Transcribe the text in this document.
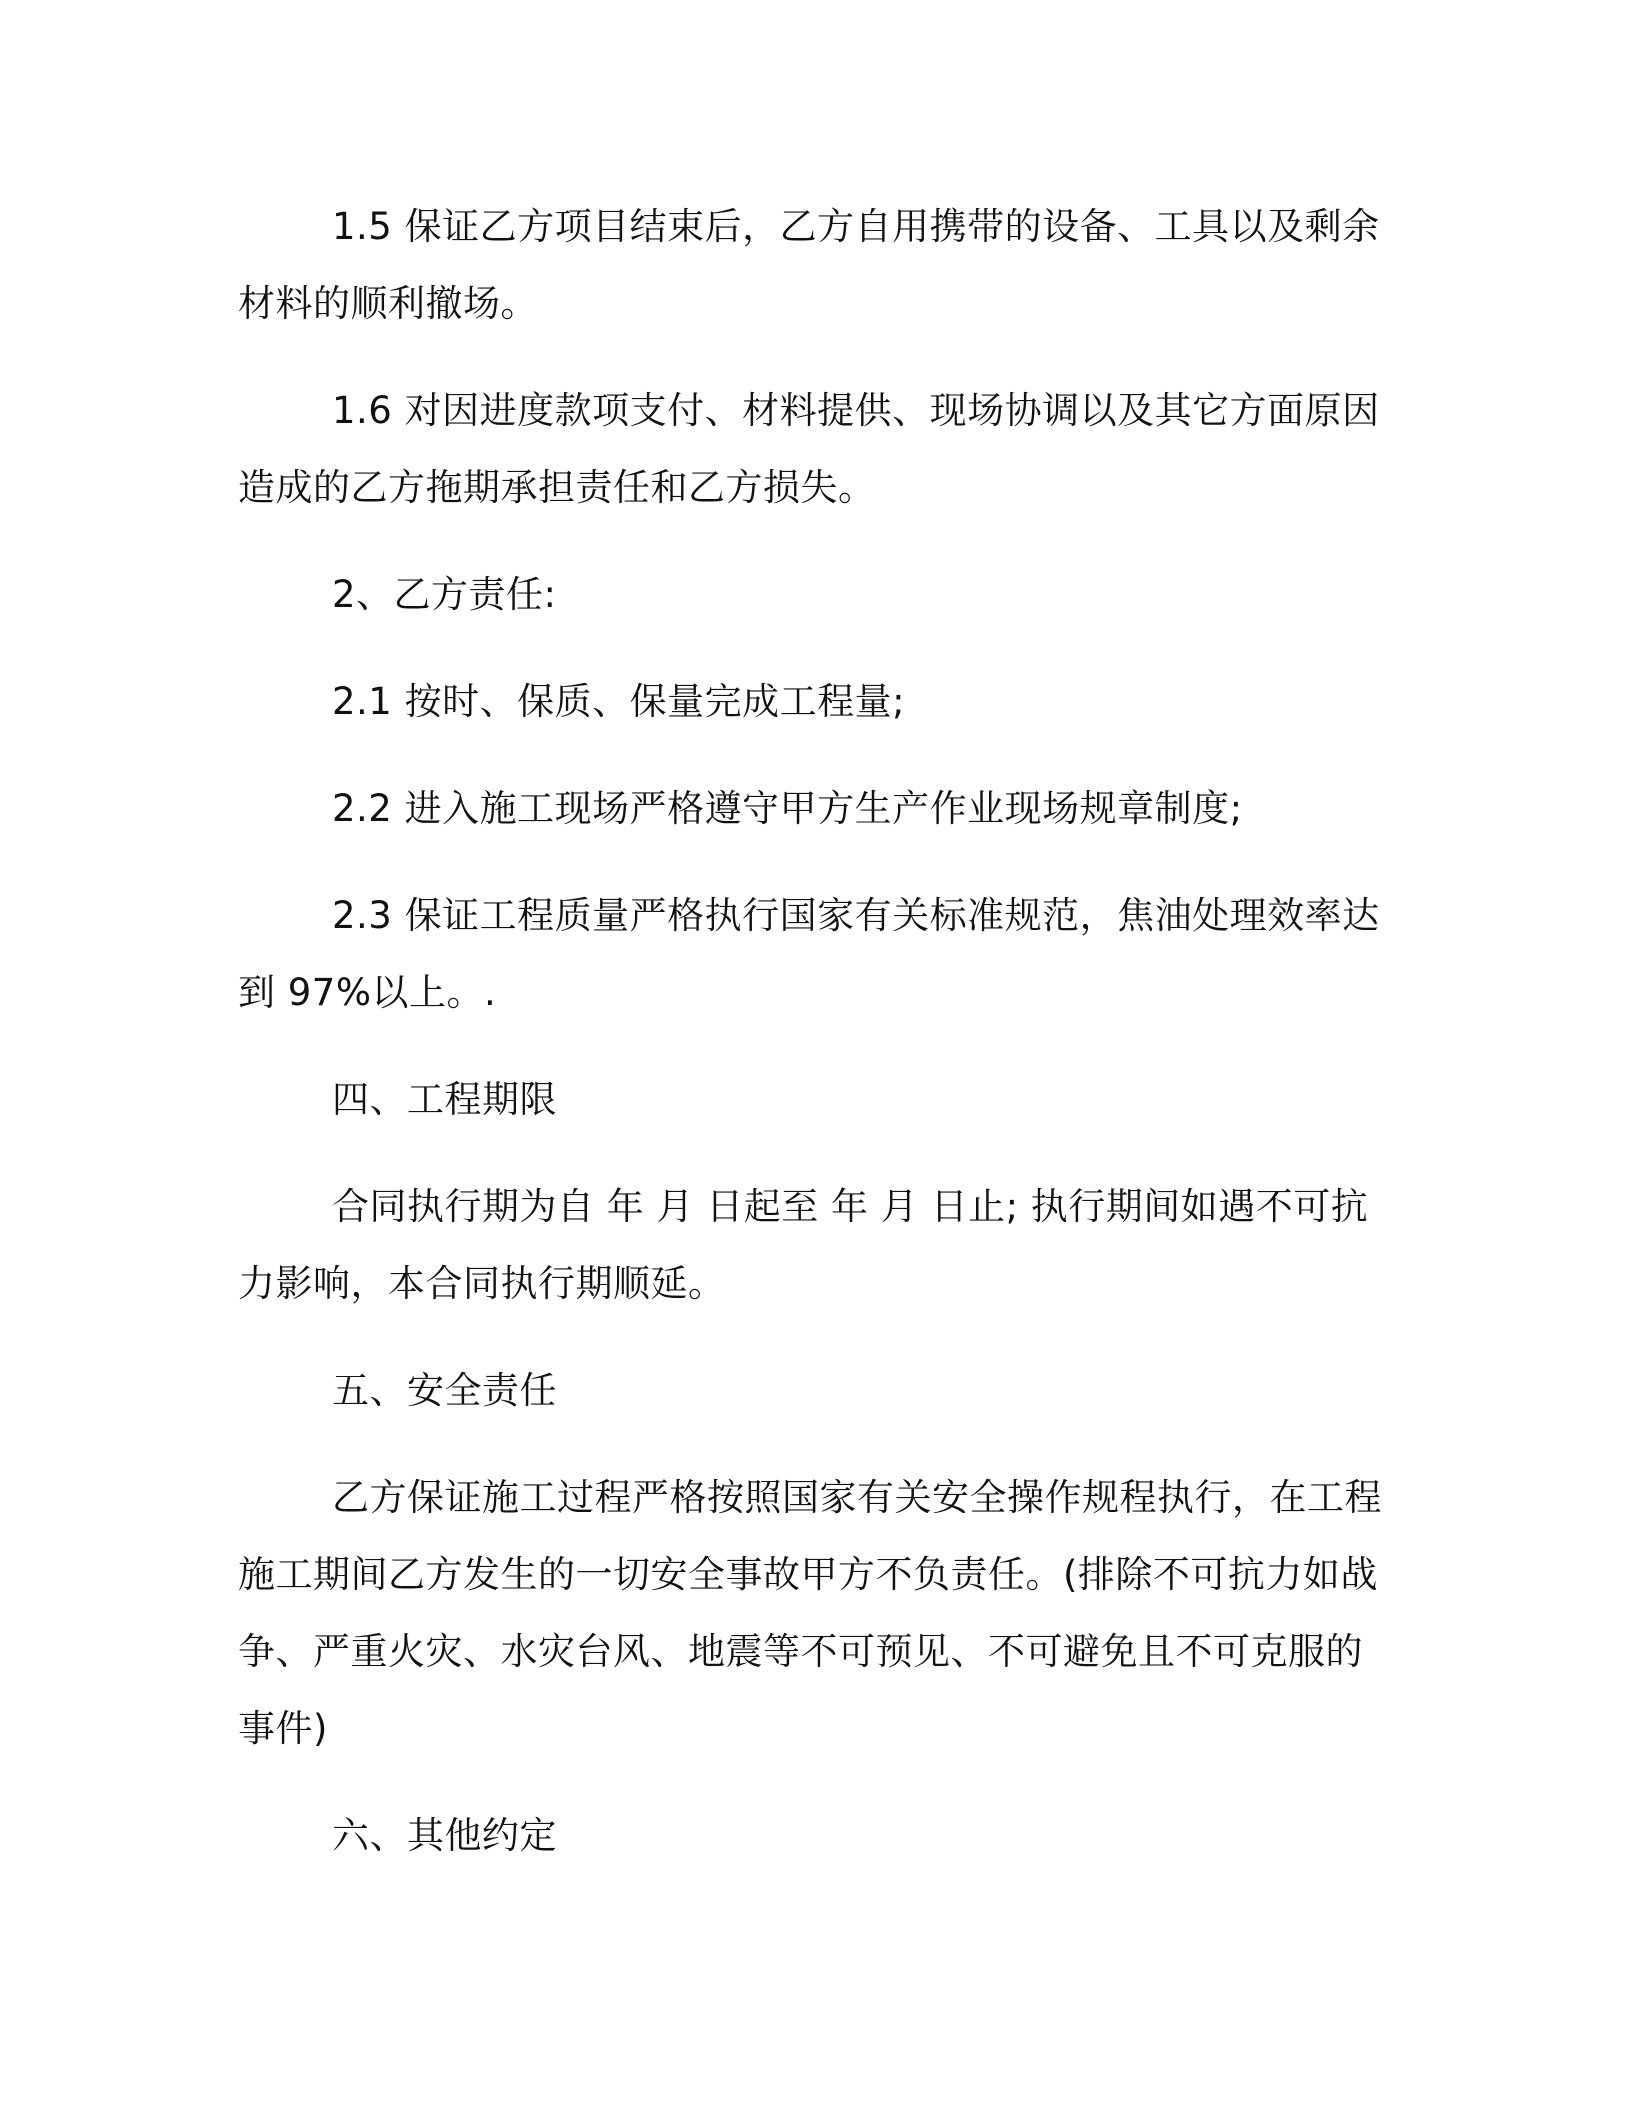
1.5 保证乙方项目结束后，乙方自用携带的设备、工具以及剩余材料的顺利撤场。

1.6 对因进度款项支付、材料提供、现场协调以及其它方面原因造成的乙方拖期承担责任和乙方损失。

2、乙方责任:

2.1 按时、保质、保量完成工程量;

2.2 进入施工现场严格遵守甲方生产作业现场规章制度;

2.3 保证工程质量严格执行国家有关标准规范，焦油处理效率达到 97%以上。.

四、工程期限

合同执行期为自 年 月 日起至 年 月 日止; 执行期间如遇不可抗力影响，本合同执行期顺延。

五、安全责任

乙方保证施工过程严格按照国家有关安全操作规程执行，在工程施工期间乙方发生的一切安全事故甲方不负责任。(排除不可抗力如战争、严重火灾、水灾台风、地震等不可预见、不可避免且不可克服的事件)

六、其他约定
